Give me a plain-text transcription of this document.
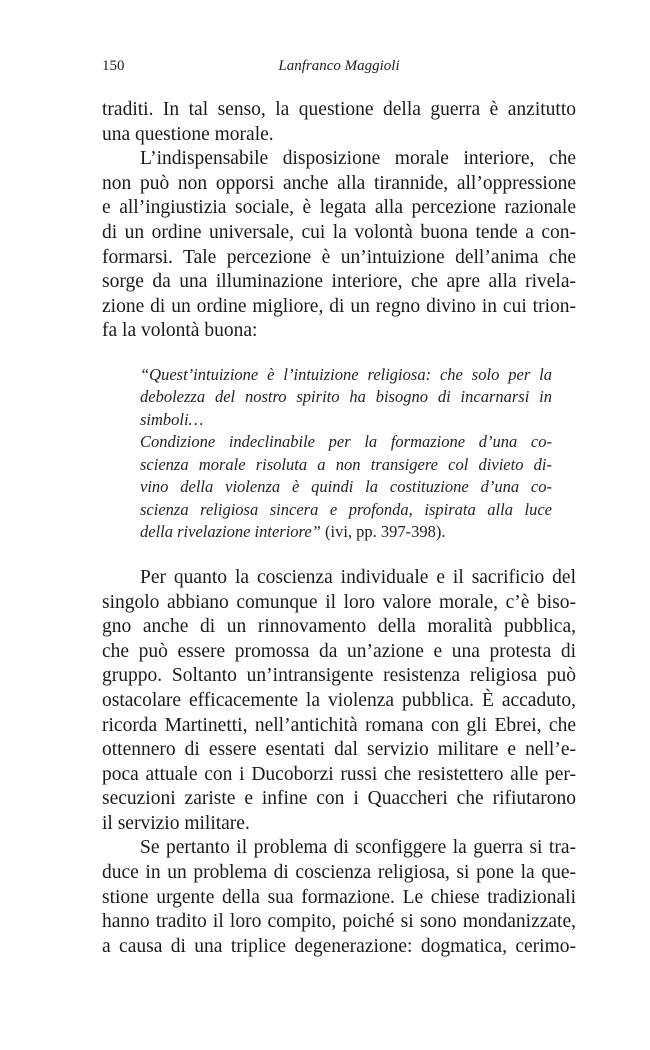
150	Lanfranco Maggioli

traditi. In tal senso, la questione della guerra è anzitutto
una questione morale.

L’indispensabile disposizione morale interiore, che
non può non opporsi anche alla tirannide, all’oppressione
e all’ingiustizia sociale, è legata alla percezione razionale
di un ordine universale, cui la volontà buona tende a con-
formarsi. Tale percezione è un’intuizione dell’anima che
sorge da una illuminazione interiore, che apre alla rivela-
zione di un ordine migliore, di un regno divino in cui trion-
fa la volontà buona:

“Quest’intuizione è l’intuizione religiosa: che solo per la
debolezza del nostro spirito ha bisogno di incarnarsi in
simboli…

Condizione indeclinabile per la formazione d’una co-
scienza morale risoluta a non transigere col divieto di-
vino della violenza è quindi la costituzione d’una co-
scienza religiosa sincera e profonda, ispirata alla luce
della rivelazione interiore” (ivi, pp. 397-398).

Per quanto la coscienza individuale e il sacrificio del
singolo abbiano comunque il loro valore morale, c’è biso-
gno anche di un rinnovamento della moralità pubblica,
che può essere promossa da un’azione e una protesta di
gruppo. Soltanto un’intransigente resistenza religiosa può
ostacolare efficacemente la violenza pubblica. È accaduto,
ricorda Martinetti, nell’antichità romana con gli Ebrei, che
ottennero di essere esentati dal servizio militare e nell’e-
poca attuale con i Ducoborzi russi che resistettero alle per-
secuzioni zariste e infine con i Quaccheri che rifiutarono
il servizio militare.

Se pertanto il problema di sconfiggere la guerra si tra-
duce in un problema di coscienza religiosa, si pone la que-
stione urgente della sua formazione. Le chiese tradizionali
hanno tradito il loro compito, poiché si sono mondanizzate,
a causa di una triplice degenerazione: dogmatica, cerimo-
